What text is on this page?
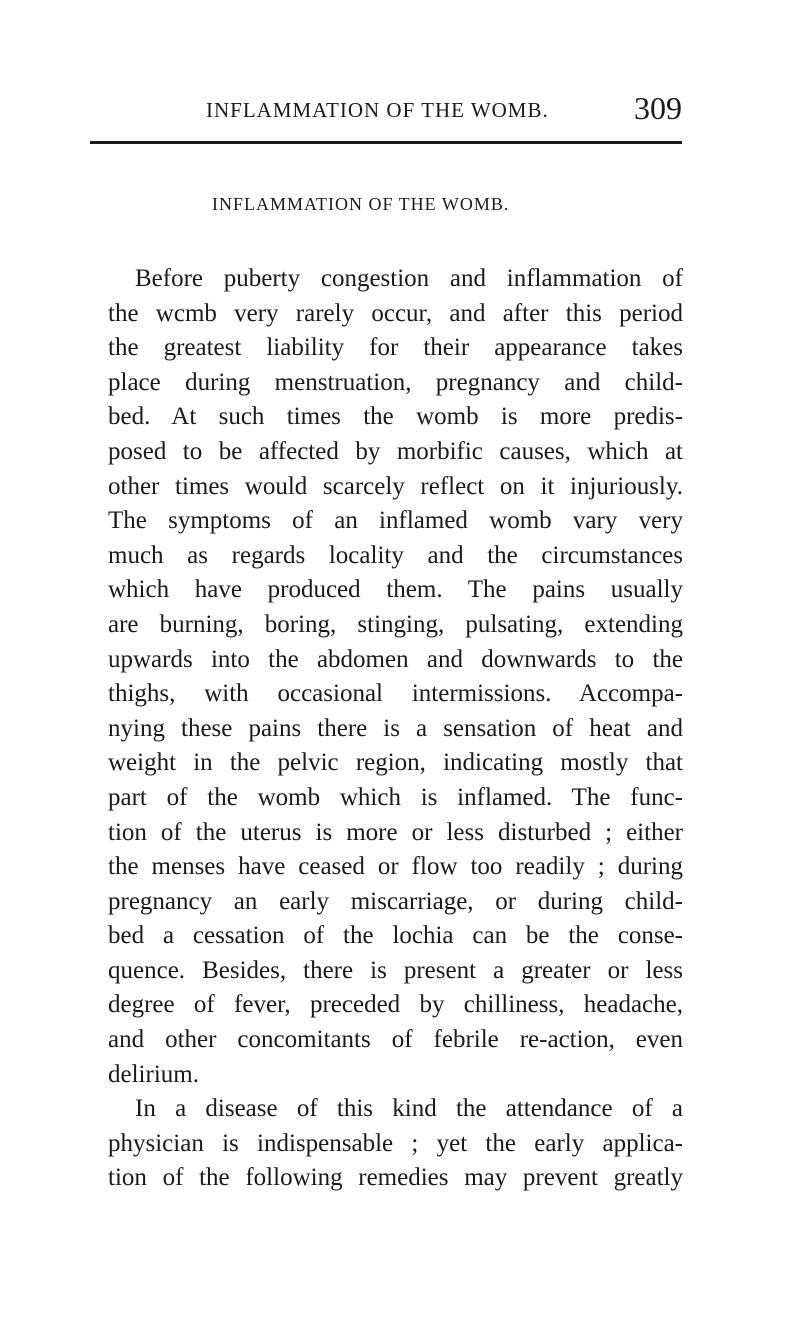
INFLAMMATION OF THE WOMB.	309
INFLAMMATION OF THE WOMB.
Before puberty congestion and inflammation of
the wcmb very rarely occur, and after this period
the greatest liability for their appearance takes
place during menstruation, pregnancy and child-
bed. At such times the womb is more predis-
posed to be affected by morbific causes, which at
other times would scarcely reflect on it injuriously.
The symptoms of an inflamed womb vary very
much as regards locality and the circumstances
which have produced them. The pains usually
are burning, boring, stinging, pulsating, extending
upwards into the abdomen and downwards to the
thighs, with occasional intermissions. Accompa-
nying these pains there is a sensation of heat and
weight in the pelvic region, indicating mostly that
part of the womb which is inflamed. The func-
tion of the uterus is more or less disturbed ; either
the menses have ceased or flow too readily ; during
pregnancy an early miscarriage, or during child-
bed a cessation of the lochia can be the conse-
quence. Besides, there is present a greater or less
degree of fever, preceded by chilliness, headache,
and other concomitants of febrile re-action, even
delirium.
In a disease of this kind the attendance of a
physician is indispensable ; yet the early applica-
tion of the following remedies may prevent greatly
